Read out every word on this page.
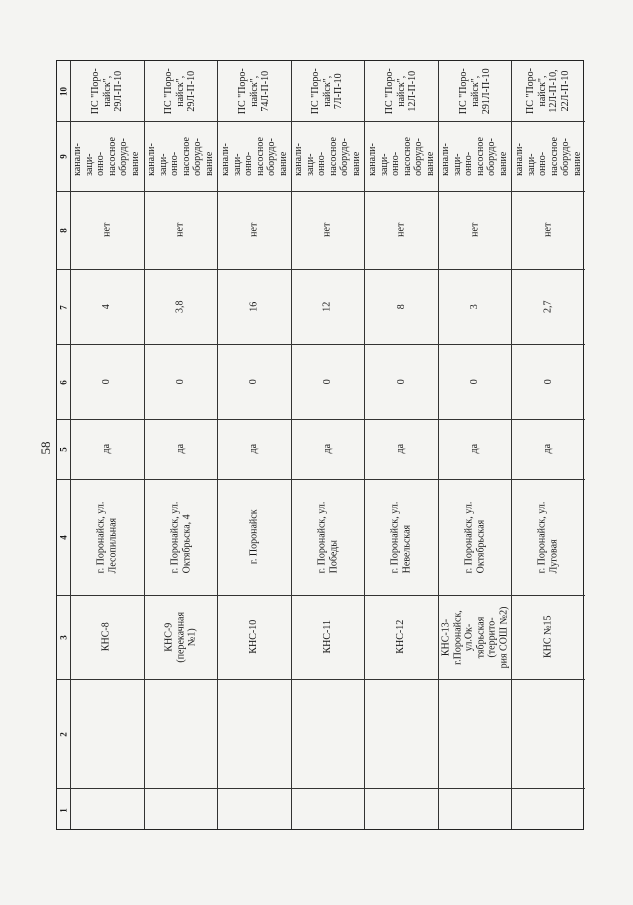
58
10
9
8
7
6
5
4
3
2
1
ПС "Поро-
найск",
29Л-П-10
канали-
заци-
онно-
насосное
оборудо-
вание
нет
4
0
да
г. Поронайск, ул.
Лесопильная
КНС-8
ПС "Поро-
найск",
29Л-П-10
канали-
заци-
онно-
насосное
оборудо-
вание
нет
3,8
0
да
г. Поронайск, ул.
Октябрьска, 4
КНС-9 (перекачная
№1)
ПС "Поро-
найск",
74Л-П-10
канали-
заци-
онно-
насосное
оборудо-
вание
нет
16
0
да
г. Поронайск
КНС-10
ПС "Поро-
найск",
7Л-П-10
канали-
заци-
онно-
насосное
оборудо-
вание
нет
12
0
да
г. Поронайск, ул.
Победы
КНС-11
ПС "Поро-
найск",
12Л-П-10
канали-
заци-
онно-
насосное
оборудо-
вание
нет
8
0
да
г. Поронайск, ул.
Невельская
КНС-12
ПС "Поро-
найск",
291Л-П-10
канали-
заци-
онно-
насосное
оборудо-
вание
нет
3
0
да
г. Поронайск, ул.
Октябрьская
КНС-13-
г.Поронайск, ул.Ок-
тябрьская (террито-
рия СОШ №2)
ПС "Поро-
найск",
12Л-П-10,
22Л-П-10
канали-
заци-
онно-
насосное
оборудо-
вание
нет
2,7
0
да
г. Поронайск, ул.
Луговая
КНС №15
